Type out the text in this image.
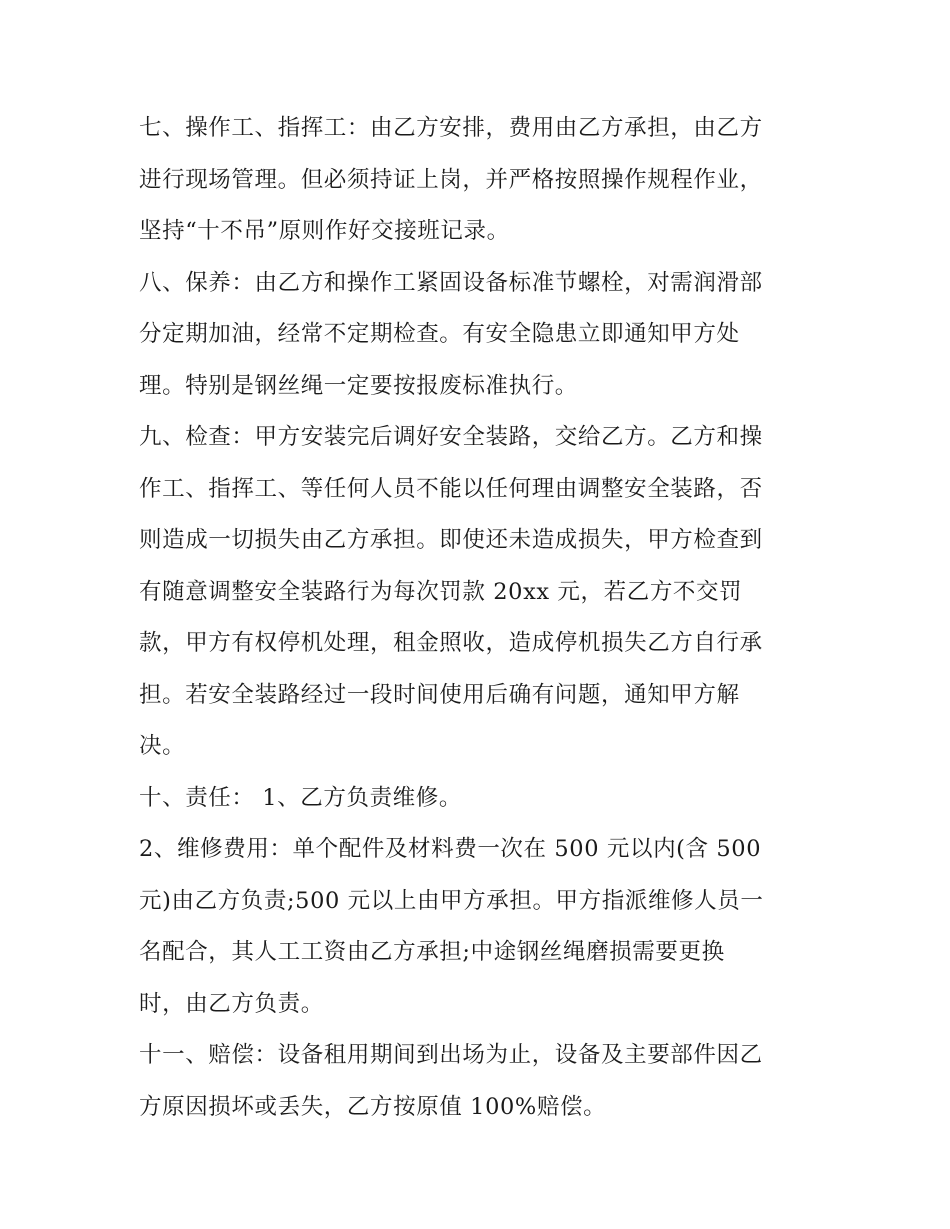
七、操作工、指挥工：由乙方安排，费用由乙方承担，由乙方
进行现场管理。但必须持证上岗，并严格按照操作规程作业，
坚持“十不吊”原则作好交接班记录。
八、保养：由乙方和操作工紧固设备标准节螺栓，对需润滑部
分定期加油，经常不定期检查。有安全隐患立即通知甲方处
理。特别是钢丝绳一定要按报废标准执行。
九、检查：甲方安装完后调好安全装路，交给乙方。乙方和操
作工、指挥工、等任何人员不能以任何理由调整安全装路，否
则造成一切损失由乙方承担。即使还未造成损失，甲方检查到
有随意调整安全装路行为每次罚款 20xx 元，若乙方不交罚
款，甲方有权停机处理，租金照收，造成停机损失乙方自行承
担。若安全装路经过一段时间使用后确有问题，通知甲方解
决。
十、责任： 1、乙方负责维修。
2、维修费用：单个配件及材料费一次在 500 元以内(含 500
元)由乙方负责;500 元以上由甲方承担。甲方指派维修人员一
名配合，其人工工资由乙方承担;中途钢丝绳磨损需要更换
时，由乙方负责。
十一、赔偿：设备租用期间到出场为止，设备及主要部件因乙
方原因损坏或丢失，乙方按原值 100%赔偿。
